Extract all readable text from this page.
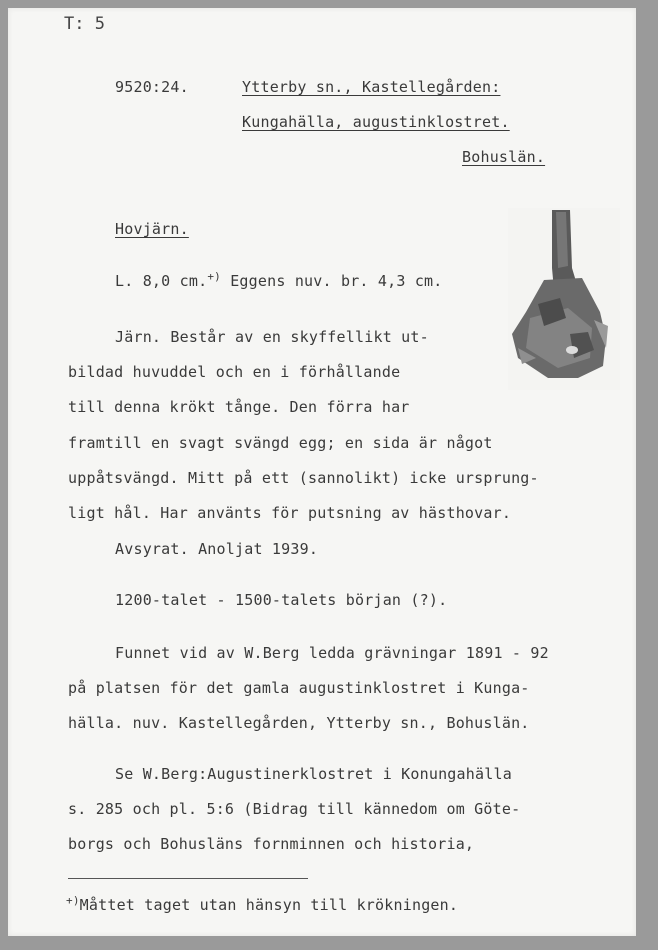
T: 5
9520:24.	Ytterby sn., Kastellegården:
Kungahälla, augustinklostret.
Bohuslän.
Hovjärn.
L. 8,0 cm.+) Eggens nuv. br. 4,3 cm.
Järn. Består av en skyffellikt ut-
bildad huvuddel och en i förhållande
till denna krökt tånge. Den förra har
framtill en svagt svängd egg; en sida är något
uppåtsvängd. Mitt på ett (sannolikt) icke ursprung-
ligt hål. Har använts för putsning av hästhovar.
Avsyrat. Anoljat 1939.
1200-talet - 1500-talets början (?).
Funnet vid av W.Berg ledda grävningar 1891 - 92
på platsen för det gamla augustinklostret i Kunga-
hälla. nuv. Kastellegården, Ytterby sn., Bohuslän.
Se W.Berg:Augustinerklostret i Konungahälla
s. 285 och pl. 5:6 (Bidrag till kännedom om Göte-
borgs och Bohusläns fornminnen och historia,
+)Måttet taget utan hänsyn till krökningen.
